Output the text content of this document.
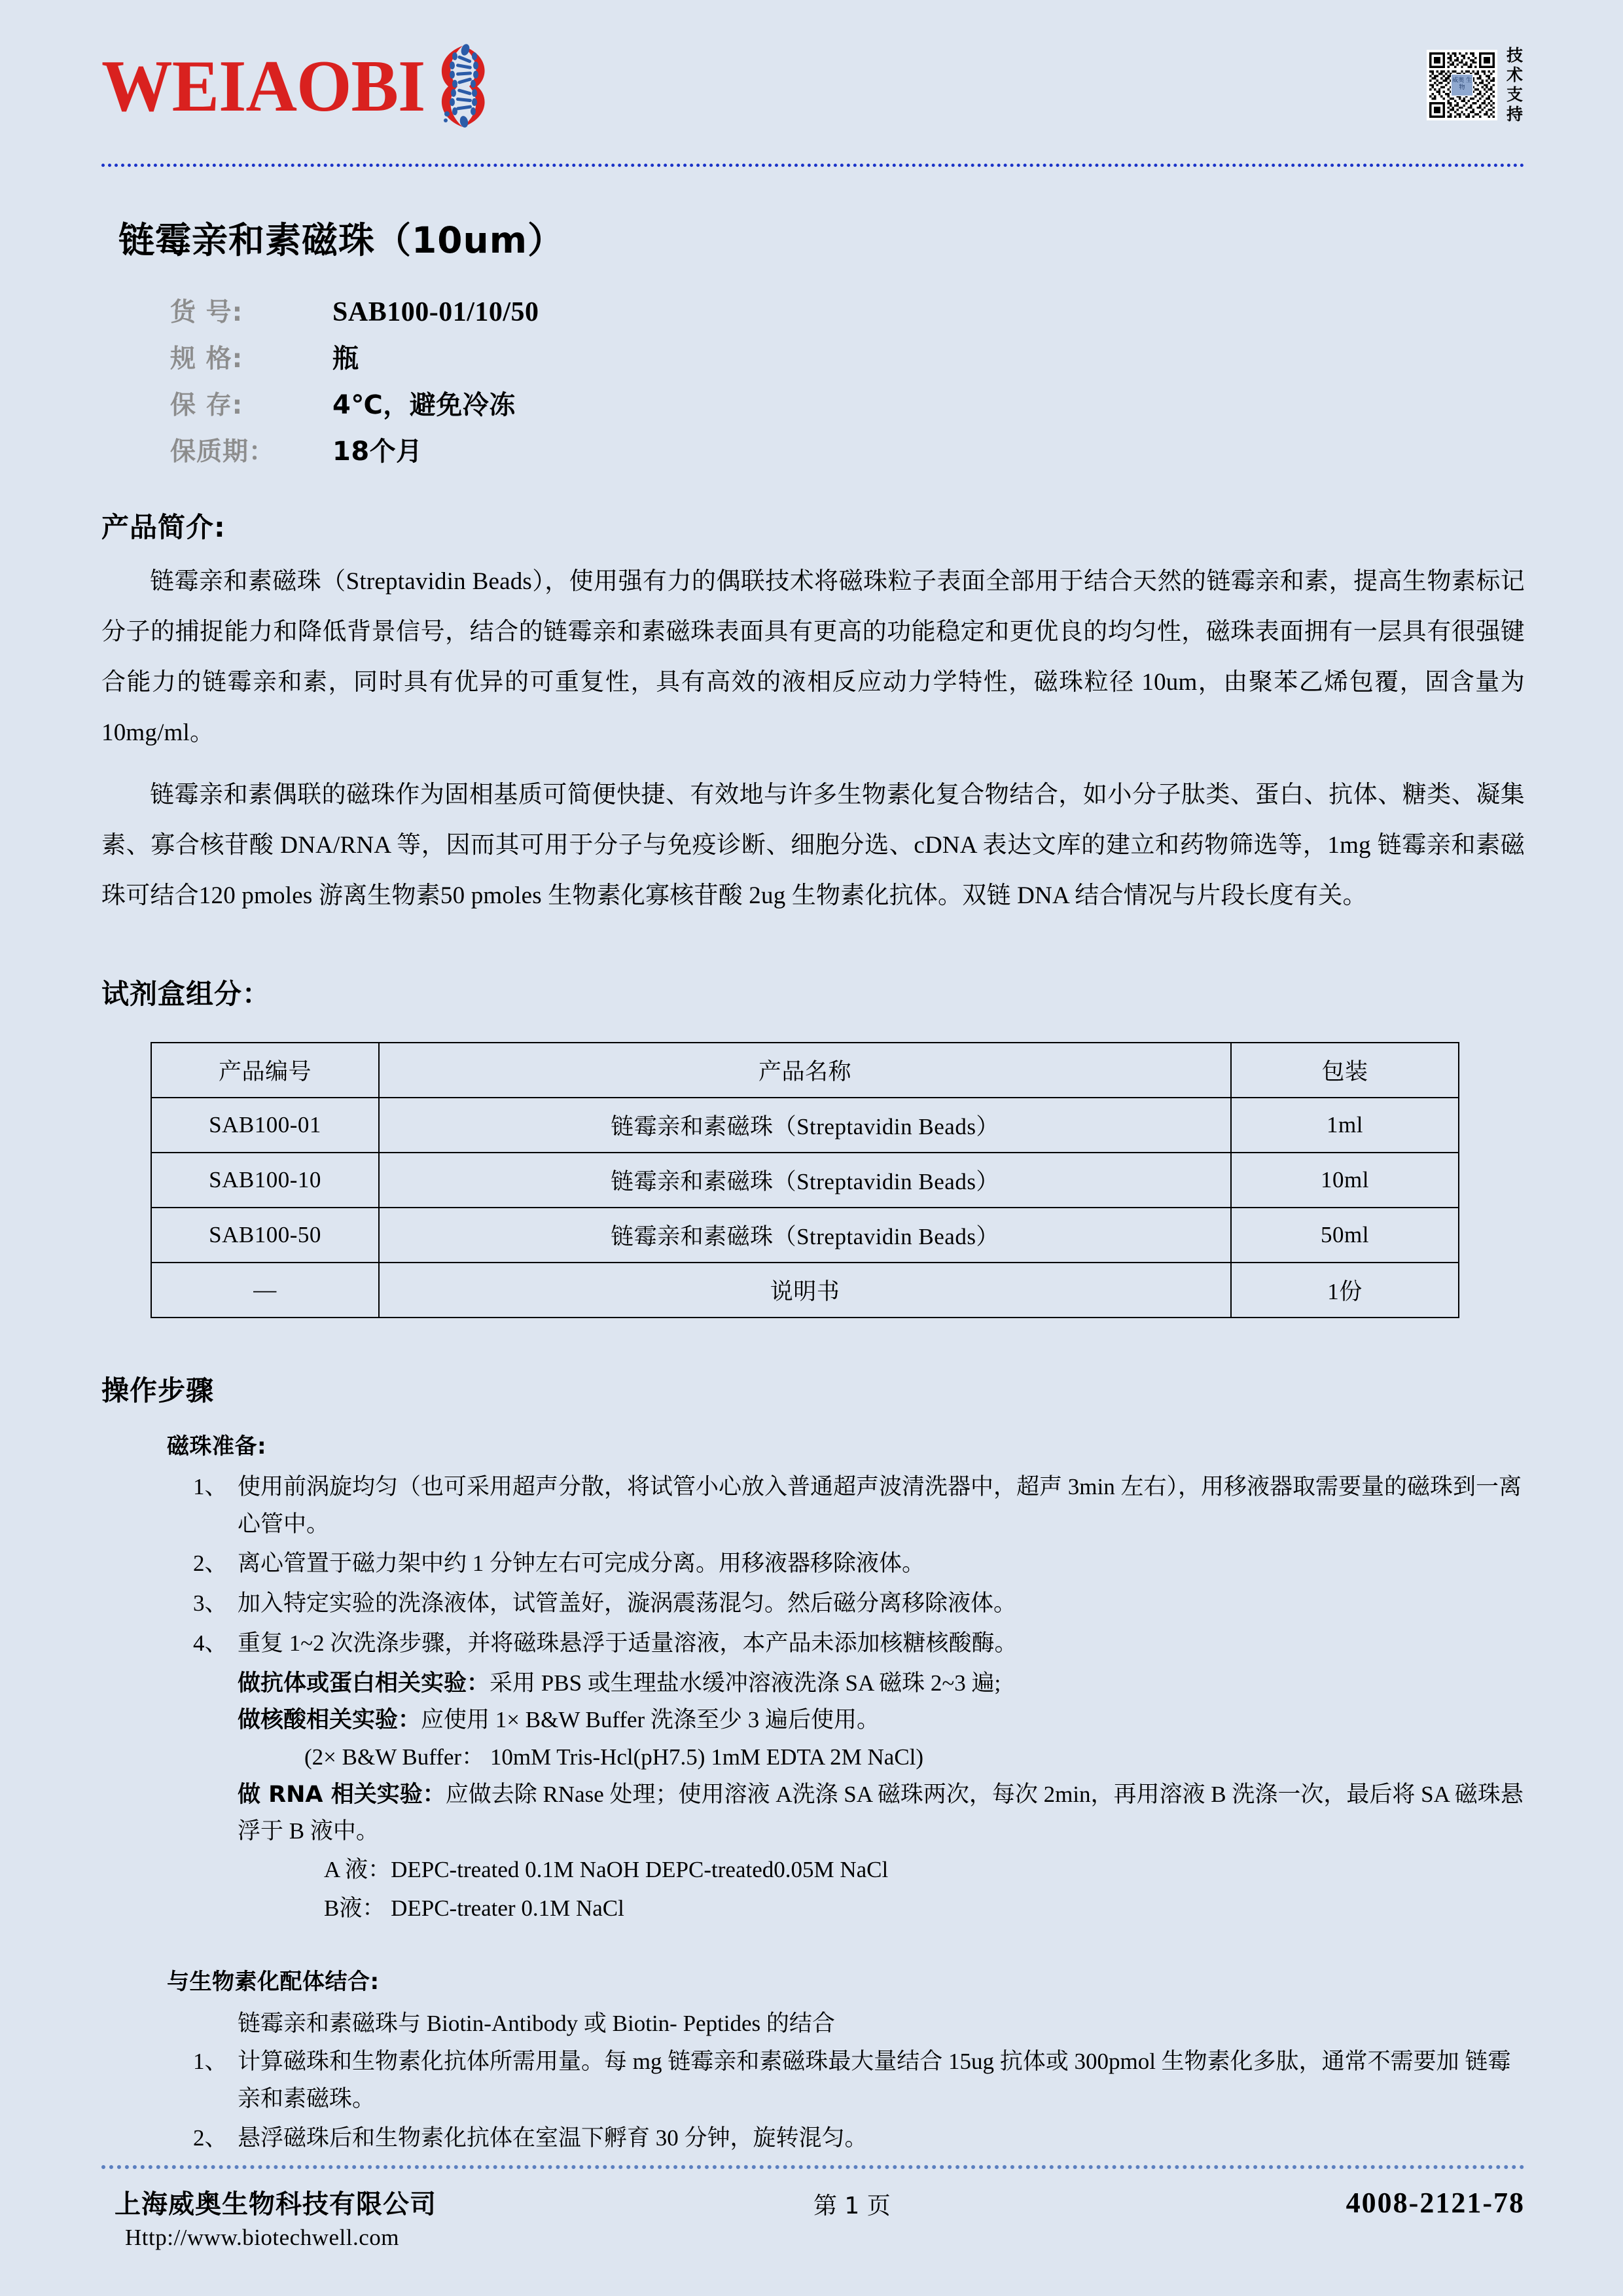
WEIAOBI	威奥 生物
技术支持
链霉亲和素磁珠（10um）
货 号:	SAB100-01/10/50
规 格:	瓶
保 存:	4℃，避免冷冻
保质期：	18个月
产品简介:

链霉亲和素磁珠（Streptavidin Beads），使用强有力的偶联技术将磁珠粒子表面全部用于结合天然的链霉亲和素，提高生物素标记分子的捕捉能力和降低背景信号，结合的链霉亲和素磁珠表面具有更高的功能稳定和更优良的均匀性，磁珠表面拥有一层具有很强键合能力的链霉亲和素，同时具有优异的可重复性，具有高效的液相反应动力学特性，磁珠粒径 10um，由聚苯乙烯包覆，固含量为 10mg/ml。

链霉亲和素偶联的磁珠作为固相基质可简便快捷、有效地与许多生物素化复合物结合，如小分子肽类、蛋白、抗体、糖类、凝集素、寡合核苷酸 DNA/RNA 等，因而其可用于分子与免疫诊断、细胞分选、cDNA 表达文库的建立和药物筛选等，1mg 链霉亲和素磁珠可结合120 pmoles 游离生物素50 pmoles 生物素化寡核苷酸 2ug 生物素化抗体。双链 DNA 结合情况与片段长度有关。

试剂盒组分：
产品编号	产品名称	包装
SAB100-01	链霉亲和素磁珠（Streptavidin Beads）	1ml
SAB100-10	链霉亲和素磁珠（Streptavidin Beads）	10ml
SAB100-50	链霉亲和素磁珠（Streptavidin Beads）	50ml
—	说明书	1份
操作步骤
磁珠准备:
1、 使用前涡旋均匀（也可采用超声分散，将试管小心放入普通超声波清洗器中，超声 3min 左右），用移液器取需要量的磁珠到一离心管中。
2、 离心管置于磁力架中约 1 分钟左右可完成分离。用移液器移除液体。
3、 加入特定实验的洗涤液体，试管盖好，漩涡震荡混匀。然后磁分离移除液体。
4、 重复 1~2 次洗涤步骤，并将磁珠悬浮于适量溶液，本产品未添加核糖核酸酶。
做抗体或蛋白相关实验：采用 PBS 或生理盐水缓冲溶液洗涤 SA 磁珠 2~3 遍;
做核酸相关实验：应使用 1× B&W Buffer 洗涤至少 3 遍后使用。
(2× B&W Buffer： 10mM Tris-Hcl(pH7.5) 1mM EDTA 2M NaCl)
做 RNA 相关实验：应做去除 RNase 处理；使用溶液 A洗涤 SA 磁珠两次，每次 2min，再用溶液 B 洗涤一次，最后将 SA 磁珠悬浮于 B 液中。
A 液：DEPC-treated 0.1M NaOH DEPC-treated0.05M NaCl
B液： DEPC-treater 0.1M NaCl
与生物素化配体结合:
链霉亲和素磁珠与 Biotin-Antibody 或 Biotin- Peptides 的结合
1、 计算磁珠和生物素化抗体所需用量。每 mg 链霉亲和素磁珠最大量结合 15ug 抗体或 300pmol 生物素化多肽，通常不需要加 链霉亲和素磁珠。
2、 悬浮磁珠后和生物素化抗体在室温下孵育 30 分钟，旋转混匀。
上海威奥生物科技有限公司
Http://www.biotechwell.com
第 1 页	4008-2121-78
